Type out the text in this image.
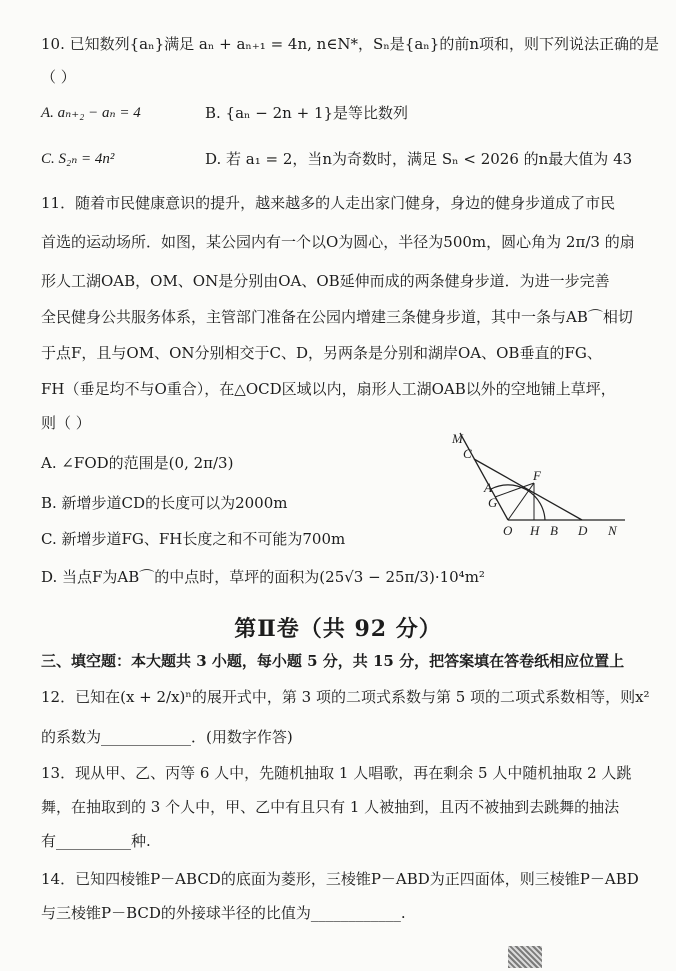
10. 已知数列{aₙ}满足 aₙ + aₙ₊₁ = 4n, n∈N*，Sₙ是{aₙ}的前n项和，则下列说法正确的是
（ ）
A. aₙ₊₂ − aₙ = 4	B. {aₙ − 2n + 1}是等比数列
C. S₂ₙ = 4n²	D. 若 a₁ = 2，当n为奇数时，满足 Sₙ < 2026 的n最大值为 43
11．随着市民健康意识的提升，越来越多的人走出家门健身，身边的健身步道成了市民
首选的运动场所．如图，某公园内有一个以O为圆心，半径为500m，圆心角为 2π/3 的扇
形人工湖OAB，OM、ON是分别由OA、OB延伸而成的两条健身步道．为进一步完善
全民健身公共服务体系，主管部门准备在公园内增建三条健身步道，其中一条与AB⌒相切
于点F，且与OM、ON分别相交于C、D，另两条是分别和湖岸OA、OB垂直的FG、
FH（垂足均不与O重合），在△OCD区域以内，扇形人工湖OAB以外的空地铺上草坪，
则（ ）
A. ∠FOD的范围是(0, 2π/3)
B. 新增步道CD的长度可以为2000m
C. 新增步道FG、FH长度之和不可能为700m
D. 当点F为AB⌒的中点时，草坪的面积为(25√3 − 25π/3)·10⁴m²
M
C
F
A
G
O H B D N
第Ⅱ卷（共 92 分）
三、填空题：本大题共 3 小题，每小题 5 分，共 15 分，把答案填在答卷纸相应位置上
12．已知在(x + 2/x)ⁿ的展开式中，第 3 项的二项式系数与第 5 项的二项式系数相等，则x²
的系数为____________．(用数字作答)
13．现从甲、乙、丙等 6 人中，先随机抽取 1 人唱歌，再在剩余 5 人中随机抽取 2 人跳
舞，在抽取到的 3 个人中，甲、乙中有且只有 1 人被抽到，且丙不被抽到去跳舞的抽法
有__________种.
14．已知四棱锥P－ABCD的底面为菱形，三棱锥P－ABD为正四面体，则三棱锥P－ABD
与三棱锥P－BCD的外接球半径的比值为____________.
